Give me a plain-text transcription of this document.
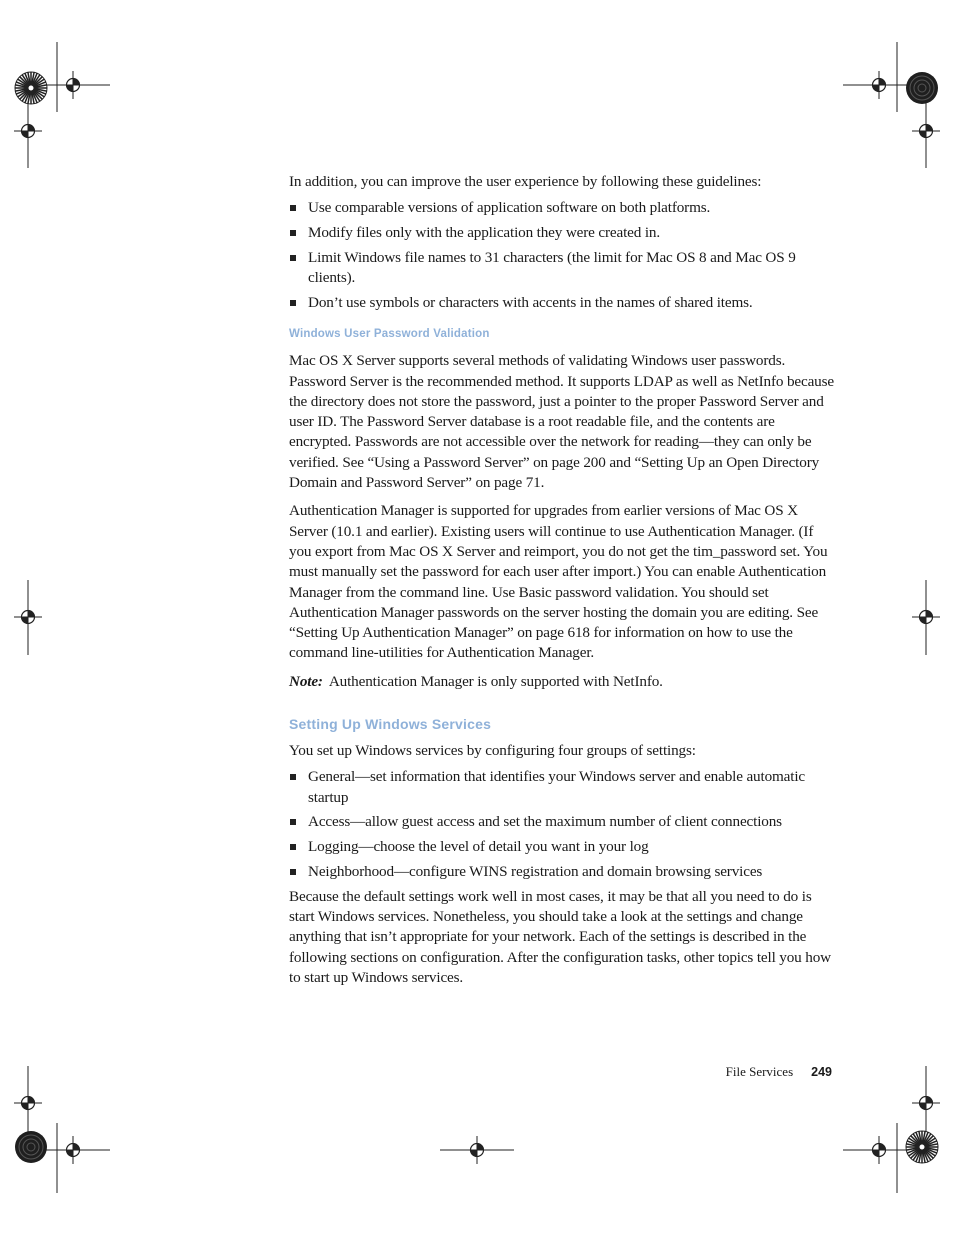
In addition, you can improve the user experience by following these guidelines:

Use comparable versions of application software on both platforms.
Modify files only with the application they were created in.
Limit Windows file names to 31 characters (the limit for Mac OS 8 and Mac OS 9 clients).
Don’t use symbols or characters with accents in the names of shared items.
Windows User Password Validation

Mac OS X Server supports several methods of validating Windows user passwords. Password Server is the recommended method. It supports LDAP as well as NetInfo because the directory does not store the password, just a pointer to the proper Password Server and user ID. The Password Server database is a root readable file, and the contents are encrypted. Passwords are not accessible over the network for reading—they can only be verified. See “Using a Password Server” on page 200 and “Setting Up an Open Directory Domain and Password Server” on page 71.

Authentication Manager is supported for upgrades from earlier versions of Mac OS X Server (10.1 and earlier). Existing users will continue to use Authentication Manager. (If you export from Mac OS X Server and reimport, you do not get the tim_password set. You must manually set the password for each user after import.) You can enable Authentication Manager from the command line. Use Basic password validation. You should set Authentication Manager passwords on the server hosting the domain you are editing. See “Setting Up Authentication Manager” on page 618 for information on how to use the command line-utilities for Authentication Manager.

Note: Authentication Manager is only supported with NetInfo.

Setting Up Windows Services

You set up Windows services by configuring four groups of settings:

General—set information that identifies your Windows server and enable automatic startup
Access—allow guest access and set the maximum number of client connections
Logging—choose the level of detail you want in your log
Neighborhood—configure WINS registration and domain browsing services

Because the default settings work well in most cases, it may be that all you need to do is start Windows services. Nonetheless, you should take a look at the settings and change anything that isn’t appropriate for your network. Each of the settings is described in the following sections on configuration. After the configuration tasks, other topics tell you how to start up Windows services.

File Services 249
